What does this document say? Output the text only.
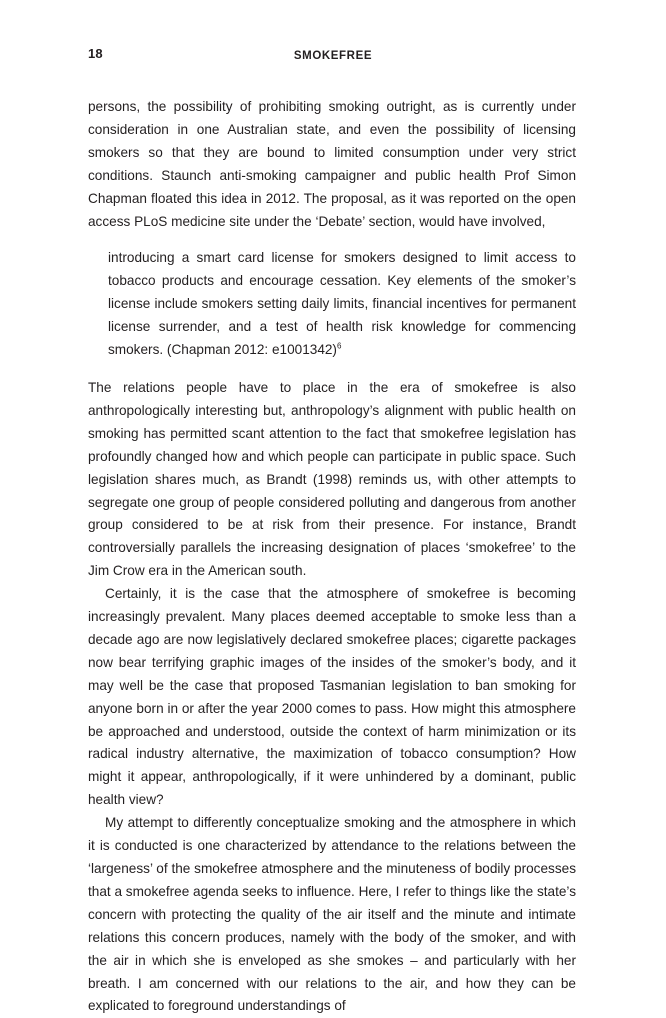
18	SMOKEFREE

persons, the possibility of prohibiting smoking outright, as is currently under consideration in one Australian state, and even the possibility of licensing smokers so that they are bound to limited consumption under very strict conditions. Staunch anti-smoking campaigner and public health Prof Simon Chapman floated this idea in 2012. The proposal, as it was reported on the open access PLoS medicine site under the ‘Debate’ section, would have involved,

introducing a smart card license for smokers designed to limit access to tobacco products and encourage cessation. Key elements of the smoker’s license include smokers setting daily limits, financial incentives for permanent license surrender, and a test of health risk knowledge for commencing smokers. (Chapman 2012: e1001342)$^6$

The relations people have to place in the era of smokefree is also anthropologically interesting but, anthropology’s alignment with public health on smoking has permitted scant attention to the fact that smokefree legislation has profoundly changed how and which people can participate in public space. Such legislation shares much, as Brandt (1998) reminds us, with other attempts to segregate one group of people considered polluting and dangerous from another group considered to be at risk from their presence. For instance, Brandt controversially parallels the increasing designation of places ‘smokefree’ to the Jim Crow era in the American south.

Certainly, it is the case that the atmosphere of smokefree is becoming increasingly prevalent. Many places deemed acceptable to smoke less than a decade ago are now legislatively declared smokefree places; cigarette packages now bear terrifying graphic images of the insides of the smoker’s body, and it may well be the case that proposed Tasmanian legislation to ban smoking for anyone born in or after the year 2000 comes to pass. How might this atmosphere be approached and understood, outside the context of harm minimization or its radical industry alternative, the maximization of tobacco consumption? How might it appear, anthropologically, if it were unhindered by a dominant, public health view?

My attempt to differently conceptualize smoking and the atmosphere in which it is conducted is one characterized by attendance to the relations between the ‘largeness’ of the smokefree atmosphere and the minuteness of bodily processes that a smokefree agenda seeks to influence. Here, I refer to things like the state’s concern with protecting the quality of the air itself and the minute and intimate relations this concern produces, namely with the body of the smoker, and with the air in which she is enveloped as she smokes – and particularly with her breath. I am concerned with our relations to the air, and how they can be explicated to foreground understandings of
